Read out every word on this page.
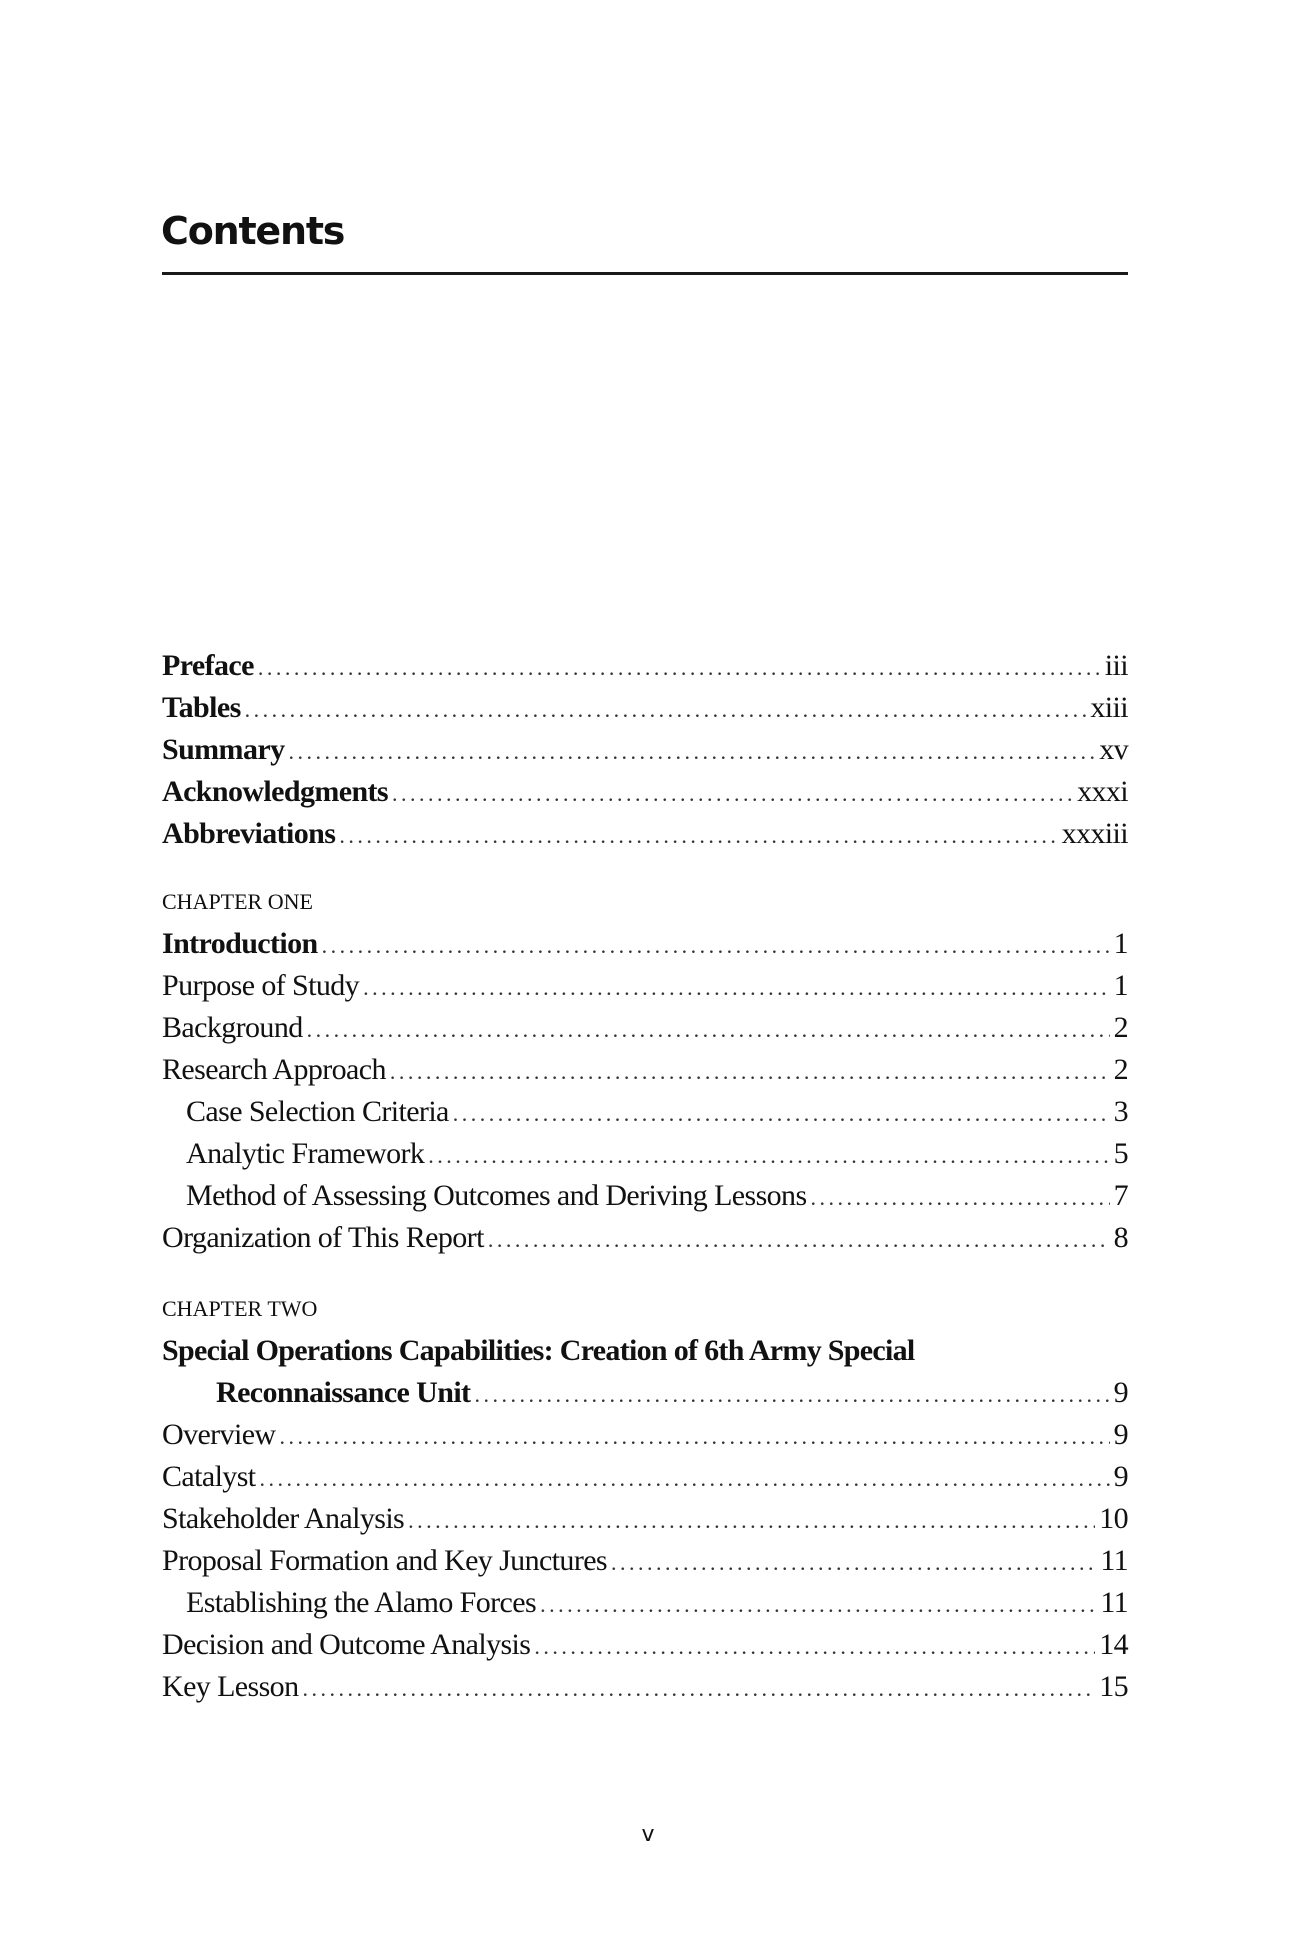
Contents
Preface . . .	iii
Tables . . .	xiii
Summary . . .	xv
Acknowledgments . . .	xxxi
Abbreviations . . .	xxxiii
CHAPTER ONE
Introduction . . .	1
Purpose of Study . . .	1
Background . . .	2
Research Approach . . .	2
Case Selection Criteria . . .	3
Analytic Framework . . .	5
Method of Assessing Outcomes and Deriving Lessons . . .	7
Organization of This Report . . .	8
CHAPTER TWO
Special Operations Capabilities: Creation of 6th Army Special
Reconnaissance Unit . . .	9
Overview . . .	9
Catalyst . . .	9
Stakeholder Analysis . . .	10
Proposal Formation and Key Junctures . . .	11
Establishing the Alamo Forces . . .	11
Decision and Outcome Analysis . . .	14
Key Lesson . . .	15
v
